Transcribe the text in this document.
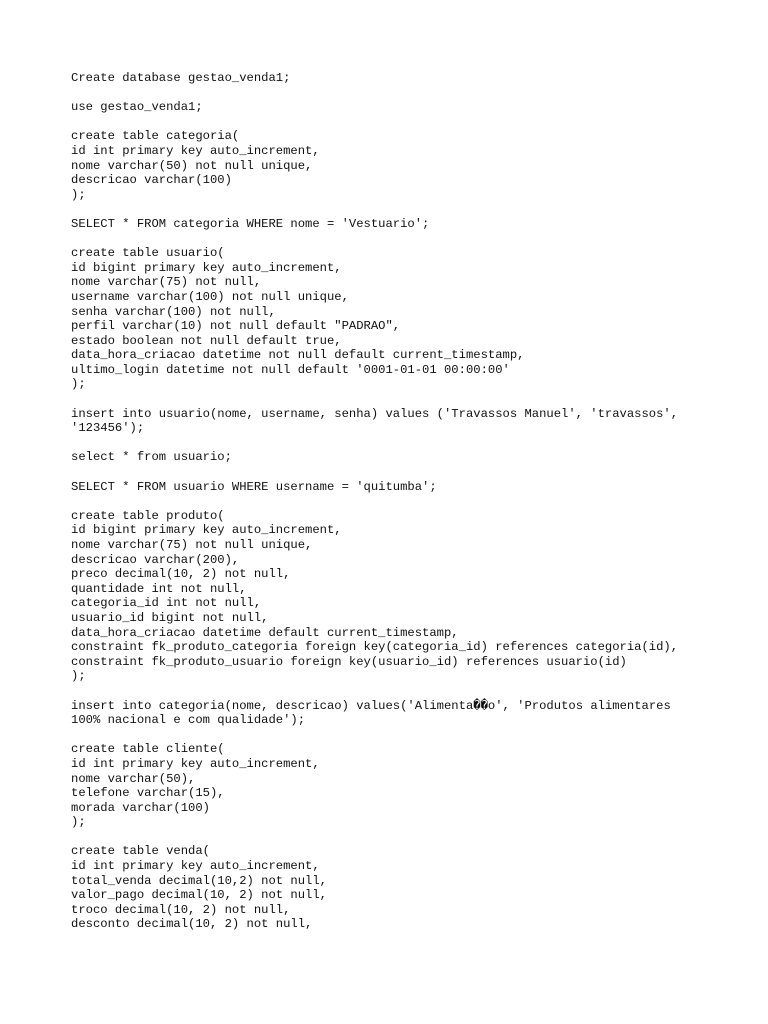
Create database gestao_venda1;
use gestao_venda1;
create table categoria(
id int primary key auto_increment,
nome varchar(50) not null unique,
descricao varchar(100)
);
SELECT * FROM categoria WHERE nome = 'Vestuario';
create table usuario(
id bigint primary key auto_increment,
nome varchar(75) not null,
username varchar(100) not null unique,
senha varchar(100) not null,
perfil varchar(10) not null default "PADRAO",
estado boolean not null default true,
data_hora_criacao datetime not null default current_timestamp,
ultimo_login datetime not null default '0001-01-01 00:00:00'
);
insert into usuario(nome, username, senha) values ('Travassos Manuel', 'travassos',
'123456');
select * from usuario;
SELECT * FROM usuario WHERE username = 'quitumba';
create table produto(
id bigint primary key auto_increment,
nome varchar(75) not null unique,
descricao varchar(200),
preco decimal(10, 2) not null,
quantidade int not null,
categoria_id int not null,
usuario_id bigint not null,
data_hora_criacao datetime default current_timestamp,
constraint fk_produto_categoria foreign key(categoria_id) references categoria(id),
constraint fk_produto_usuario foreign key(usuario_id) references usuario(id)
);
insert into categoria(nome, descricao) values('Alimenta��o', 'Produtos alimentares
100% nacional e com qualidade');
create table cliente(
id int primary key auto_increment,
nome varchar(50),
telefone varchar(15),
morada varchar(100)
);
create table venda(
id int primary key auto_increment,
total_venda decimal(10,2) not null,
valor_pago decimal(10, 2) not null,
troco decimal(10, 2) not null,
desconto decimal(10, 2) not null,
